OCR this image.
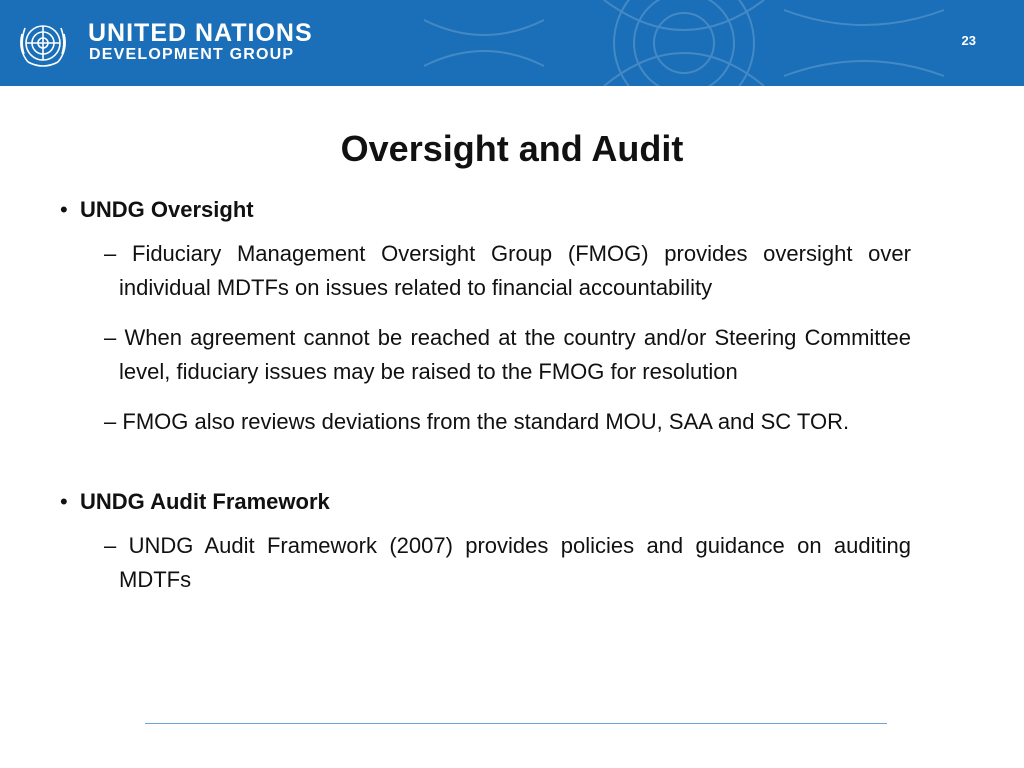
UNITED NATIONS
DEVELOPMENT GROUP
23
Oversight and Audit
• UNDG Oversight
– Fiduciary Management Oversight Group (FMOG) provides oversight over individual MDTFs on issues related to financial accountability
– When agreement cannot be reached at the country and/or Steering Committee level, fiduciary issues may be raised to the FMOG for resolution
– FMOG also reviews deviations from the standard MOU, SAA and SC TOR.
• UNDG Audit Framework
– UNDG Audit Framework (2007) provides policies and guidance on auditing MDTFs
